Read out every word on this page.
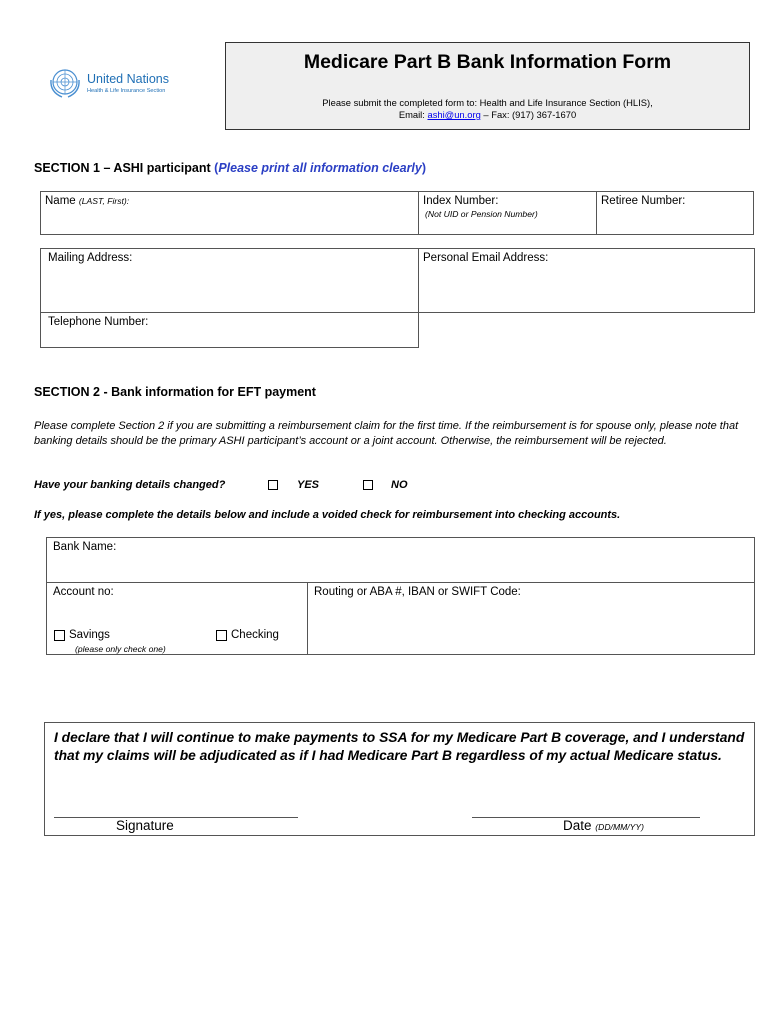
United Nations
Health & Life Insurance Section
Medicare Part B Bank Information Form
Please submit the completed form to: Health and Life Insurance Section (HLIS),
Email: ashi@un.org – Fax: (917) 367-1670
SECTION 1 – ASHI participant (Please print all information clearly)
Name (LAST, First):	Index Number:
(Not UID or Pension Number)
Retiree Number:
Mailing Address:	Personal Email Address:
Telephone Number:
SECTION 2 - Bank information for EFT payment
Please complete Section 2 if you are submitting a reimbursement claim for the first time. If the reimbursement is for spouse only, please note that banking details should be the primary ASHI participant’s account or a joint account. Otherwise, the reimbursement will be rejected.
Have your banking details changed?	YES	NO
If yes, please complete the details below and include a voided check for reimbursement into checking accounts.
Bank Name:
Account no:
Savings	Checking
(please only check one)
Routing or ABA #, IBAN or SWIFT Code:
I declare that I will continue to make payments to SSA for my Medicare Part B coverage, and I understand that my claims will be adjudicated as if I had Medicare Part B regardless of my actual Medicare status.
Signature	Date (DD/MM/YY)
